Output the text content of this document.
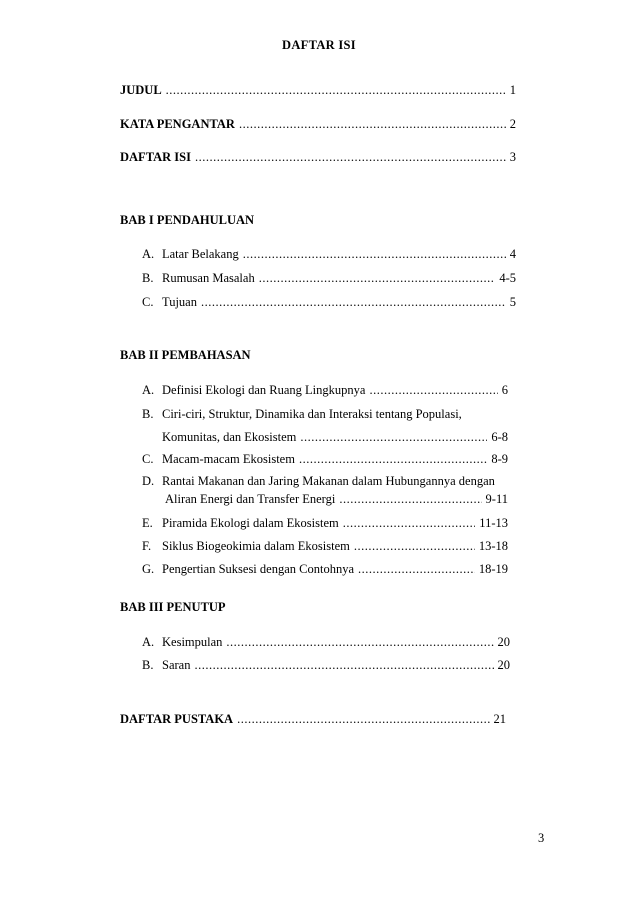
DAFTAR ISI
JUDUL .....	1
KATA PENGANTAR .....	2
DAFTAR ISI .....	3
BAB I PENDAHULUAN
A. Latar Belakang .....	4
B. Rumusan Masalah .....	4-5
C. Tujuan .....	5
BAB II PEMBAHASAN
A. Definisi Ekologi dan Ruang Lingkupnya .....	6
B. Ciri-ciri, Struktur, Dinamika dan Interaksi tentang Populasi,
Komunitas, dan Ekosistem .....	6-8
C. Macam-macam Ekosistem .....	8-9
D. Rantai Makanan dan Jaring Makanan dalam Hubungannya dengan
Aliran Energi dan Transfer Energi .....	9-11
E. Piramida Ekologi dalam Ekosistem .....	11-13
F. Siklus Biogeokimia dalam Ekosistem .....	13-18
G. Pengertian Suksesi dengan Contohnya .....	18-19
BAB III PENUTUP
A. Kesimpulan .....	20
B. Saran .....	20
DAFTAR PUSTAKA .....	21
3
